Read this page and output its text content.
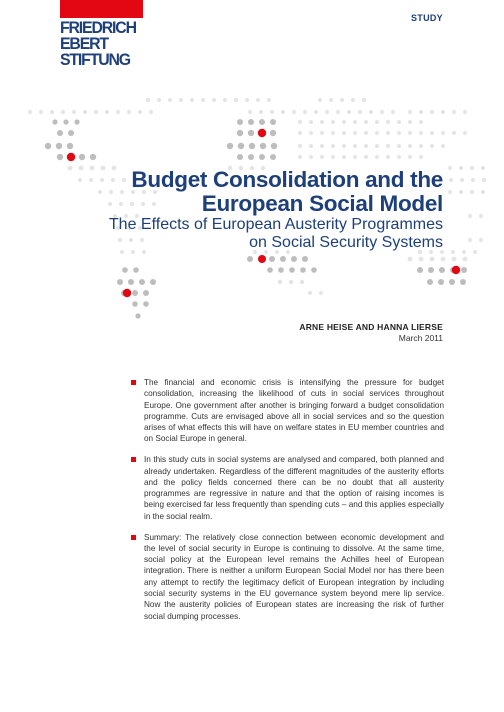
FRIEDRICH
EBERT
STIFTUNG
STUDY
Budget Consolidation and the
European Social Model
The Effects of European Austerity Programmes
on Social Security Systems
ARNE HEISE AND HANNA LIERSE
March 2011
The financial and economic crisis is intensifying the pressure for budget consolidation, increasing the likelihood of cuts in social services throughout Europe. One government after another is bringing forward a budget consolidation programme. Cuts are envisaged above all in social services and so the question arises of what effects this will have on welfare states in EU member countries and on Social Europe in general.
In this study cuts in social systems are analysed and compared, both planned and already undertaken. Regardless of the different magnitudes of the austerity efforts and the policy fields concerned there can be no doubt that all austerity programmes are regressive in nature and that the option of raising incomes is being exercised far less frequently than spending cuts – and this applies especially in the social realm.
Summary: The relatively close connection between economic development and the level of social security in Europe is continuing to dissolve. At the same time, social policy at the European level remains the Achilles heel of European integration. There is neither a uniform European Social Model nor has there been any attempt to rectify the legitimacy deficit of European integration by including social security systems in the EU governance system beyond mere lip service. Now the austerity policies of European states are increasing the risk of further social dumping processes.
